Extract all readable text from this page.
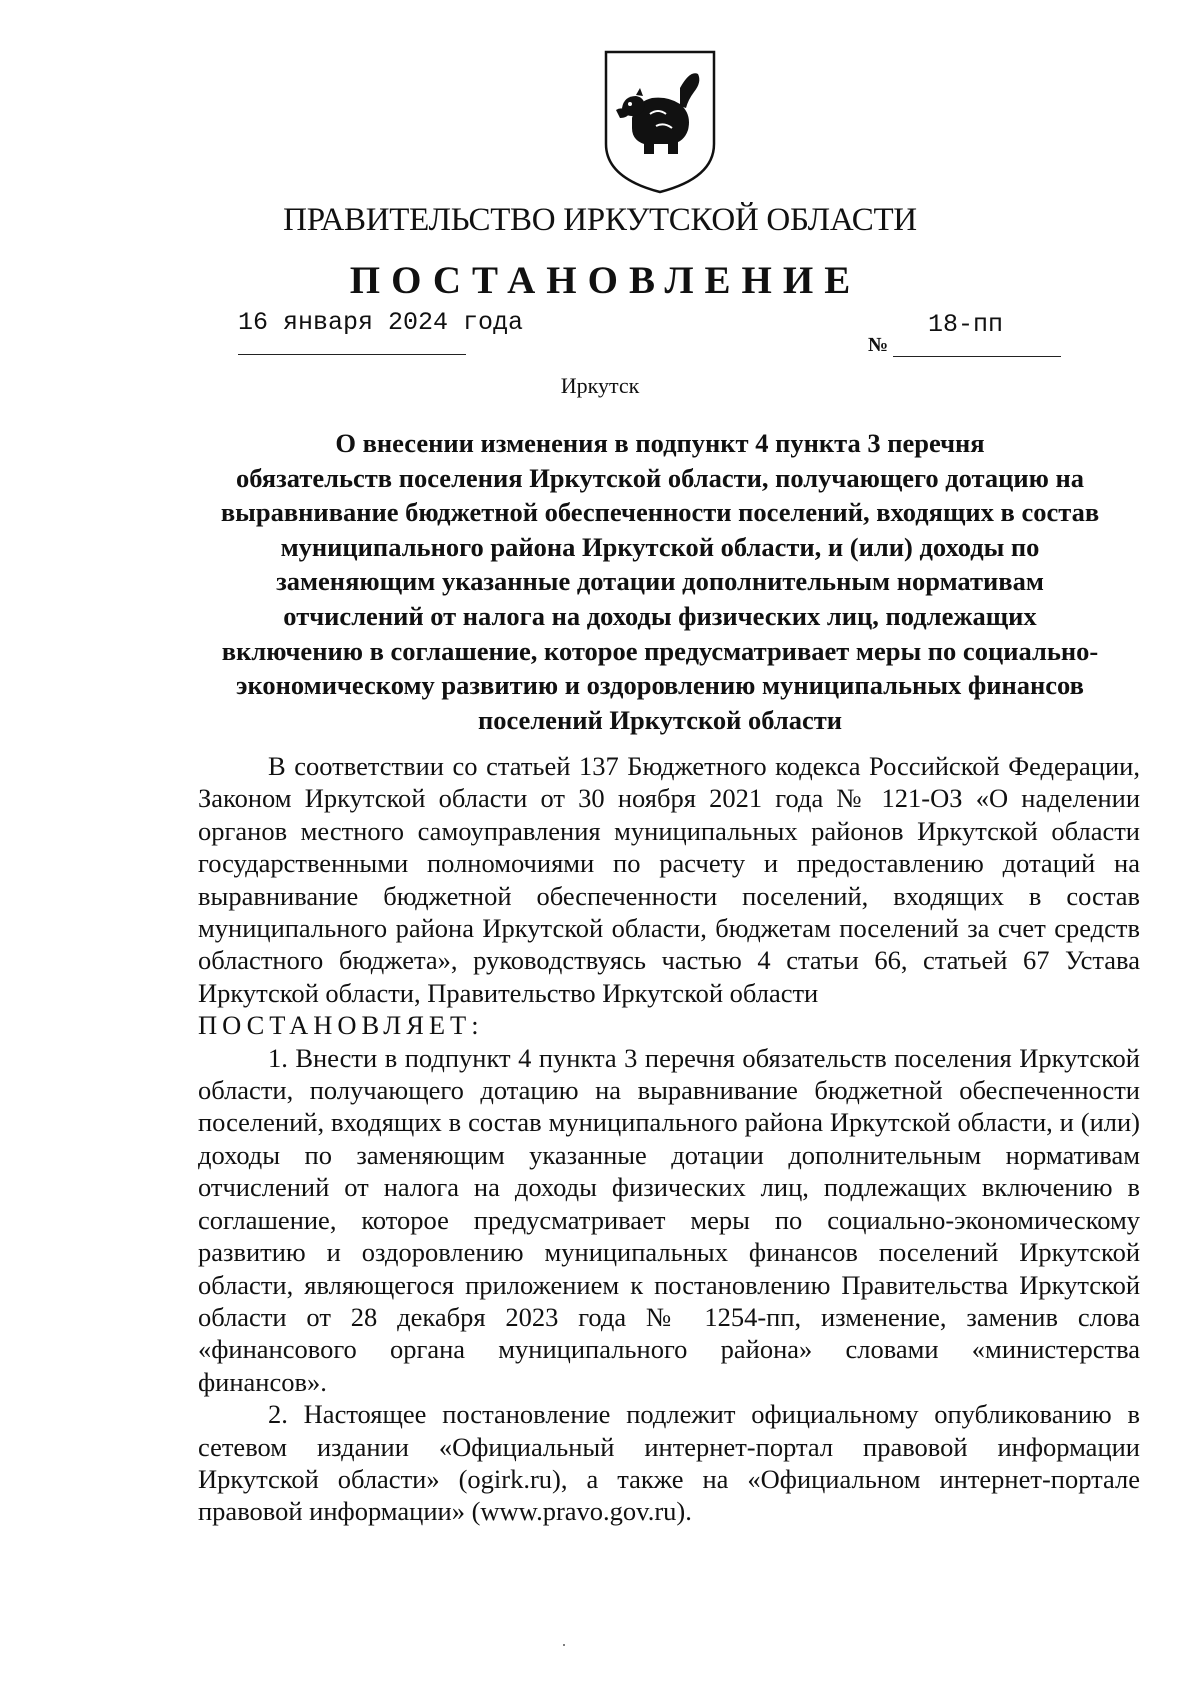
ПРАВИТЕЛЬСТВО ИРКУТСКОЙ ОБЛАСТИ
ПОСТАНОВЛЕНИЕ
16 января 2024 года
№
18-пп
Иркутск
О внесении изменения в подпункт 4 пункта 3 перечня
обязательств поселения Иркутской области, получающего дотацию на
выравнивание бюджетной обеспеченности поселений, входящих в состав
муниципального района Иркутской области, и (или) доходы по
заменяющим указанные дотации дополнительным нормативам
отчислений от налога на доходы физических лиц, подлежащих
включению в соглашение, которое предусматривает меры по социально-
экономическому развитию и оздоровлению муниципальных финансов
поселений Иркутской области

В соответствии со статьей 137 Бюджетного кодекса Российской Федерации, Законом Иркутской области от 30 ноября 2021 года № 121-ОЗ «О наделении органов местного самоуправления муниципальных районов Иркутской области государственными полномочиями по расчету и предоставлению дотаций на выравнивание бюджетной обеспеченности поселений, входящих в состав муниципального района Иркутской области, бюджетам поселений за счет средств областного бюджета», руководствуясь частью 4 статьи 66, статьей 67 Устава Иркутской области, Правительство Иркутской области

ПОСТАНОВЛЯЕТ:

1. Внести в подпункт 4 пункта 3 перечня обязательств поселения Иркутской области, получающего дотацию на выравнивание бюджетной обеспеченности поселений, входящих в состав муниципального района Иркутской области, и (или) доходы по заменяющим указанные дотации дополнительным нормативам отчислений от налога на доходы физических лиц, подлежащих включению в соглашение, которое предусматривает меры по социально-экономическому развитию и оздоровлению муниципальных финансов поселений Иркутской области, являющегося приложением к постановлению Правительства Иркутской области от 28 декабря 2023 года № 1254-пп, изменение, заменив слова «финансового органа муниципального района» словами «министерства финансов».

2. Настоящее постановление подлежит официальному опубликованию в сетевом издании «Официальный интернет-портал правовой информации Иркутской области» (ogirk.ru), а также на «Официальном интернет-портале правовой информации» (www.pravo.gov.ru).
